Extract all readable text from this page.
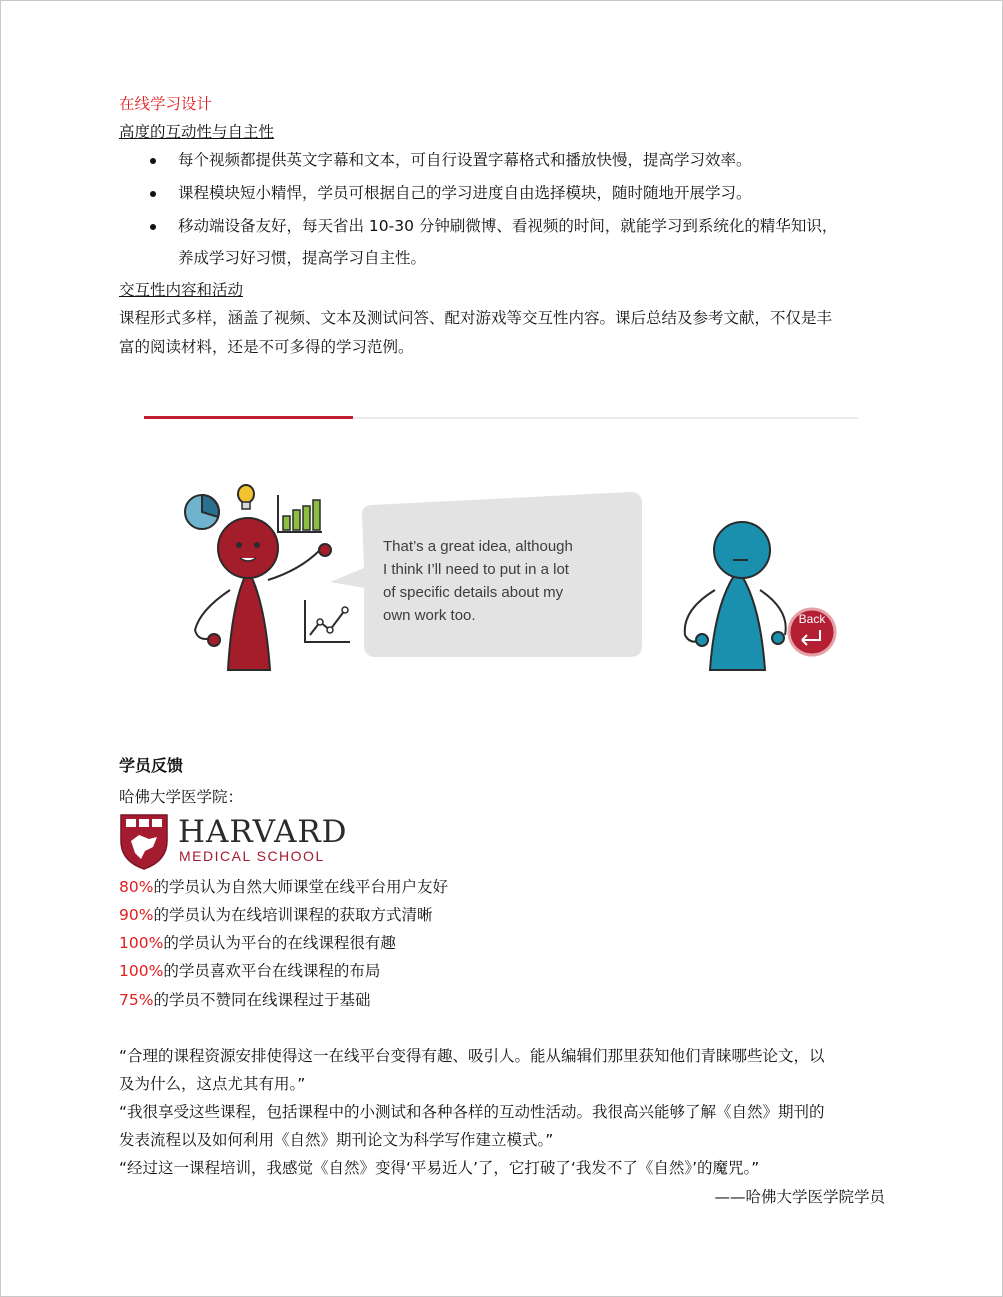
在线学习设计
高度的互动性与自主性
每个视频都提供英文字幕和文本，可自行设置字幕格式和播放快慢，提高学习效率。
课程模块短小精悍，学员可根据自己的学习进度自由选择模块，随时随地开展学习。
移动端设备友好，每天省出 10-30 分钟刷微博、看视频的时间，就能学习到系统化的精华知识，
养成学习好习惯，提高学习自主性。
交互性内容和活动
课程形式多样，涵盖了视频、文本及测试问答、配对游戏等交互性内容。课后总结及参考文献，不仅是丰
富的阅读材料，还是不可多得的学习范例。
That’s a great idea, although
I think I’ll need to put in a lot
of specific details about my
own work too.	Back
学员反馈
哈佛大学医学院：
HARVARD
MEDICAL SCHOOL
80%的学员认为自然大师课堂在线平台用户友好
90%的学员认为在线培训课程的获取方式清晰
100%的学员认为平台的在线课程很有趣
100%的学员喜欢平台在线课程的布局
75%的学员不赞同在线课程过于基础
“合理的课程资源安排使得这一在线平台变得有趣、吸引人。能从编辑们那里获知他们青睐哪些论文，以
及为什么，这点尤其有用。”
“我很享受这些课程，包括课程中的小测试和各种各样的互动性活动。我很高兴能够了解《自然》期刊的
发表流程以及如何利用《自然》期刊论文为科学写作建立模式。”
“经过这一课程培训，我感觉《自然》变得‘平易近人’了，它打破了‘我发不了《自然》’的魔咒。”
——哈佛大学医学院学员
